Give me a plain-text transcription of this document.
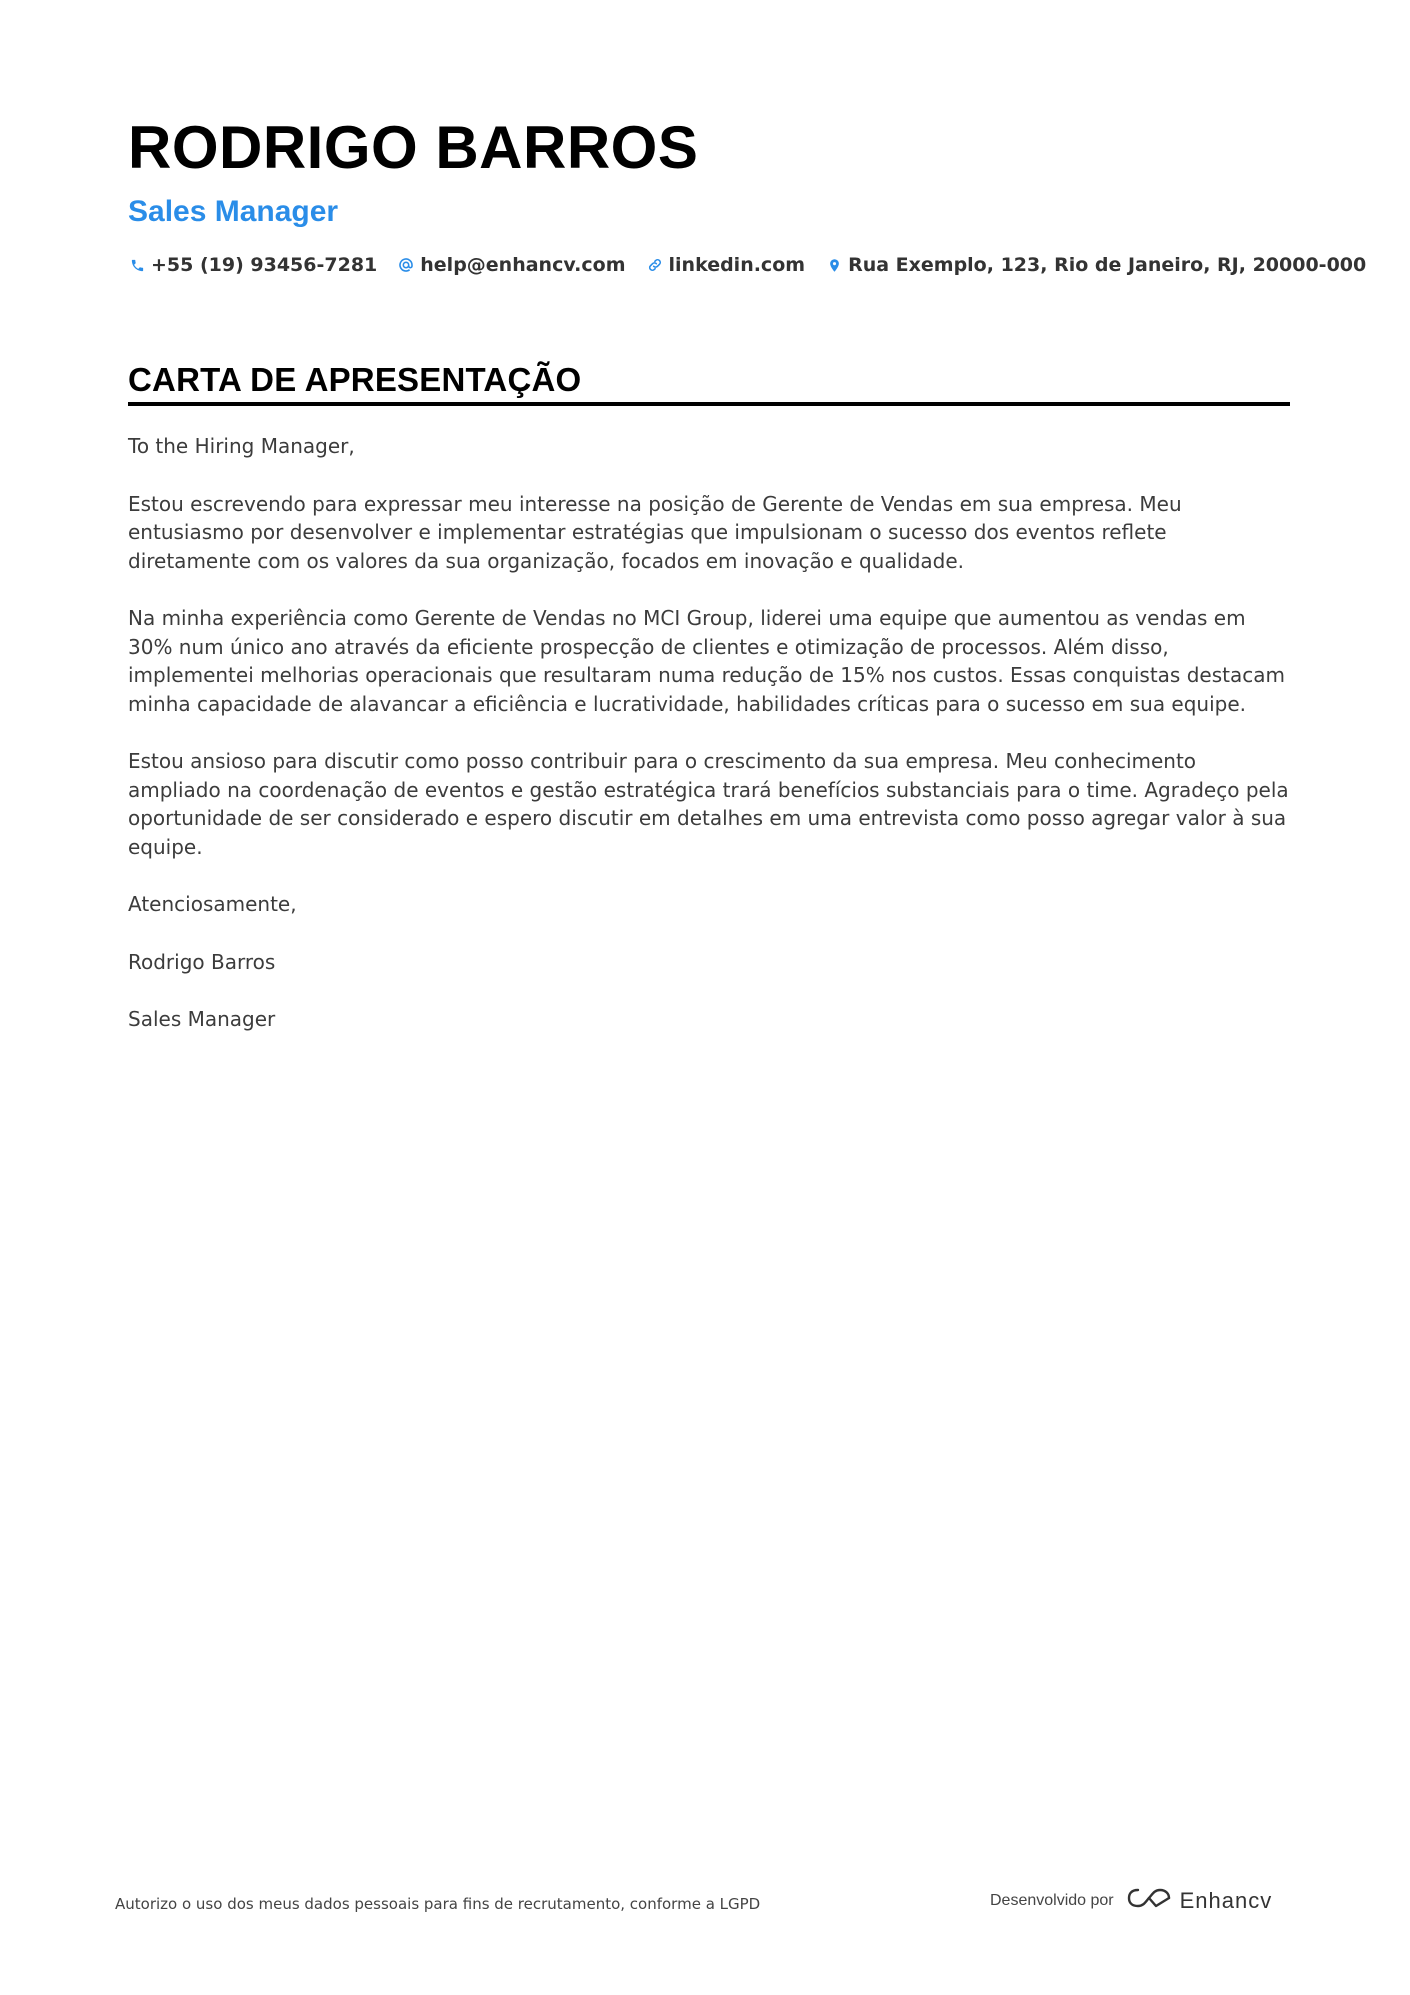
RODRIGO BARROS
Sales Manager
+55 (19) 93456-7281 help@enhancv.com linkedin.com Rua Exemplo, 123, Rio de Janeiro, RJ, 20000-000
CARTA DE APRESENTAÇÃO

To the Hiring Manager,

Estou escrevendo para expressar meu interesse na posição de Gerente de Vendas em sua empresa. Meu entusiasmo por desenvolver e implementar estratégias que impulsionam o sucesso dos eventos reflete diretamente com os valores da sua organização, focados em inovação e qualidade.

Na minha experiência como Gerente de Vendas no MCI Group, liderei uma equipe que aumentou as vendas em 30% num único ano através da eficiente prospecção de clientes e otimização de processos. Além disso, implementei melhorias operacionais que resultaram numa redução de 15% nos custos. Essas conquistas destacam minha capacidade de alavancar a eficiência e lucratividade, habilidades críticas para o sucesso em sua equipe.

Estou ansioso para discutir como posso contribuir para o crescimento da sua empresa. Meu conhecimento ampliado na coordenação de eventos e gestão estratégica trará benefícios substanciais para o time. Agradeço pela oportunidade de ser considerado e espero discutir em detalhes em uma entrevista como posso agregar valor à sua equipe.

Atenciosamente,

Rodrigo Barros

Sales Manager

Autorizo o uso dos meus dados pessoais para fins de recrutamento, conforme a LGPD	Desenvolvido por	Enhancv
